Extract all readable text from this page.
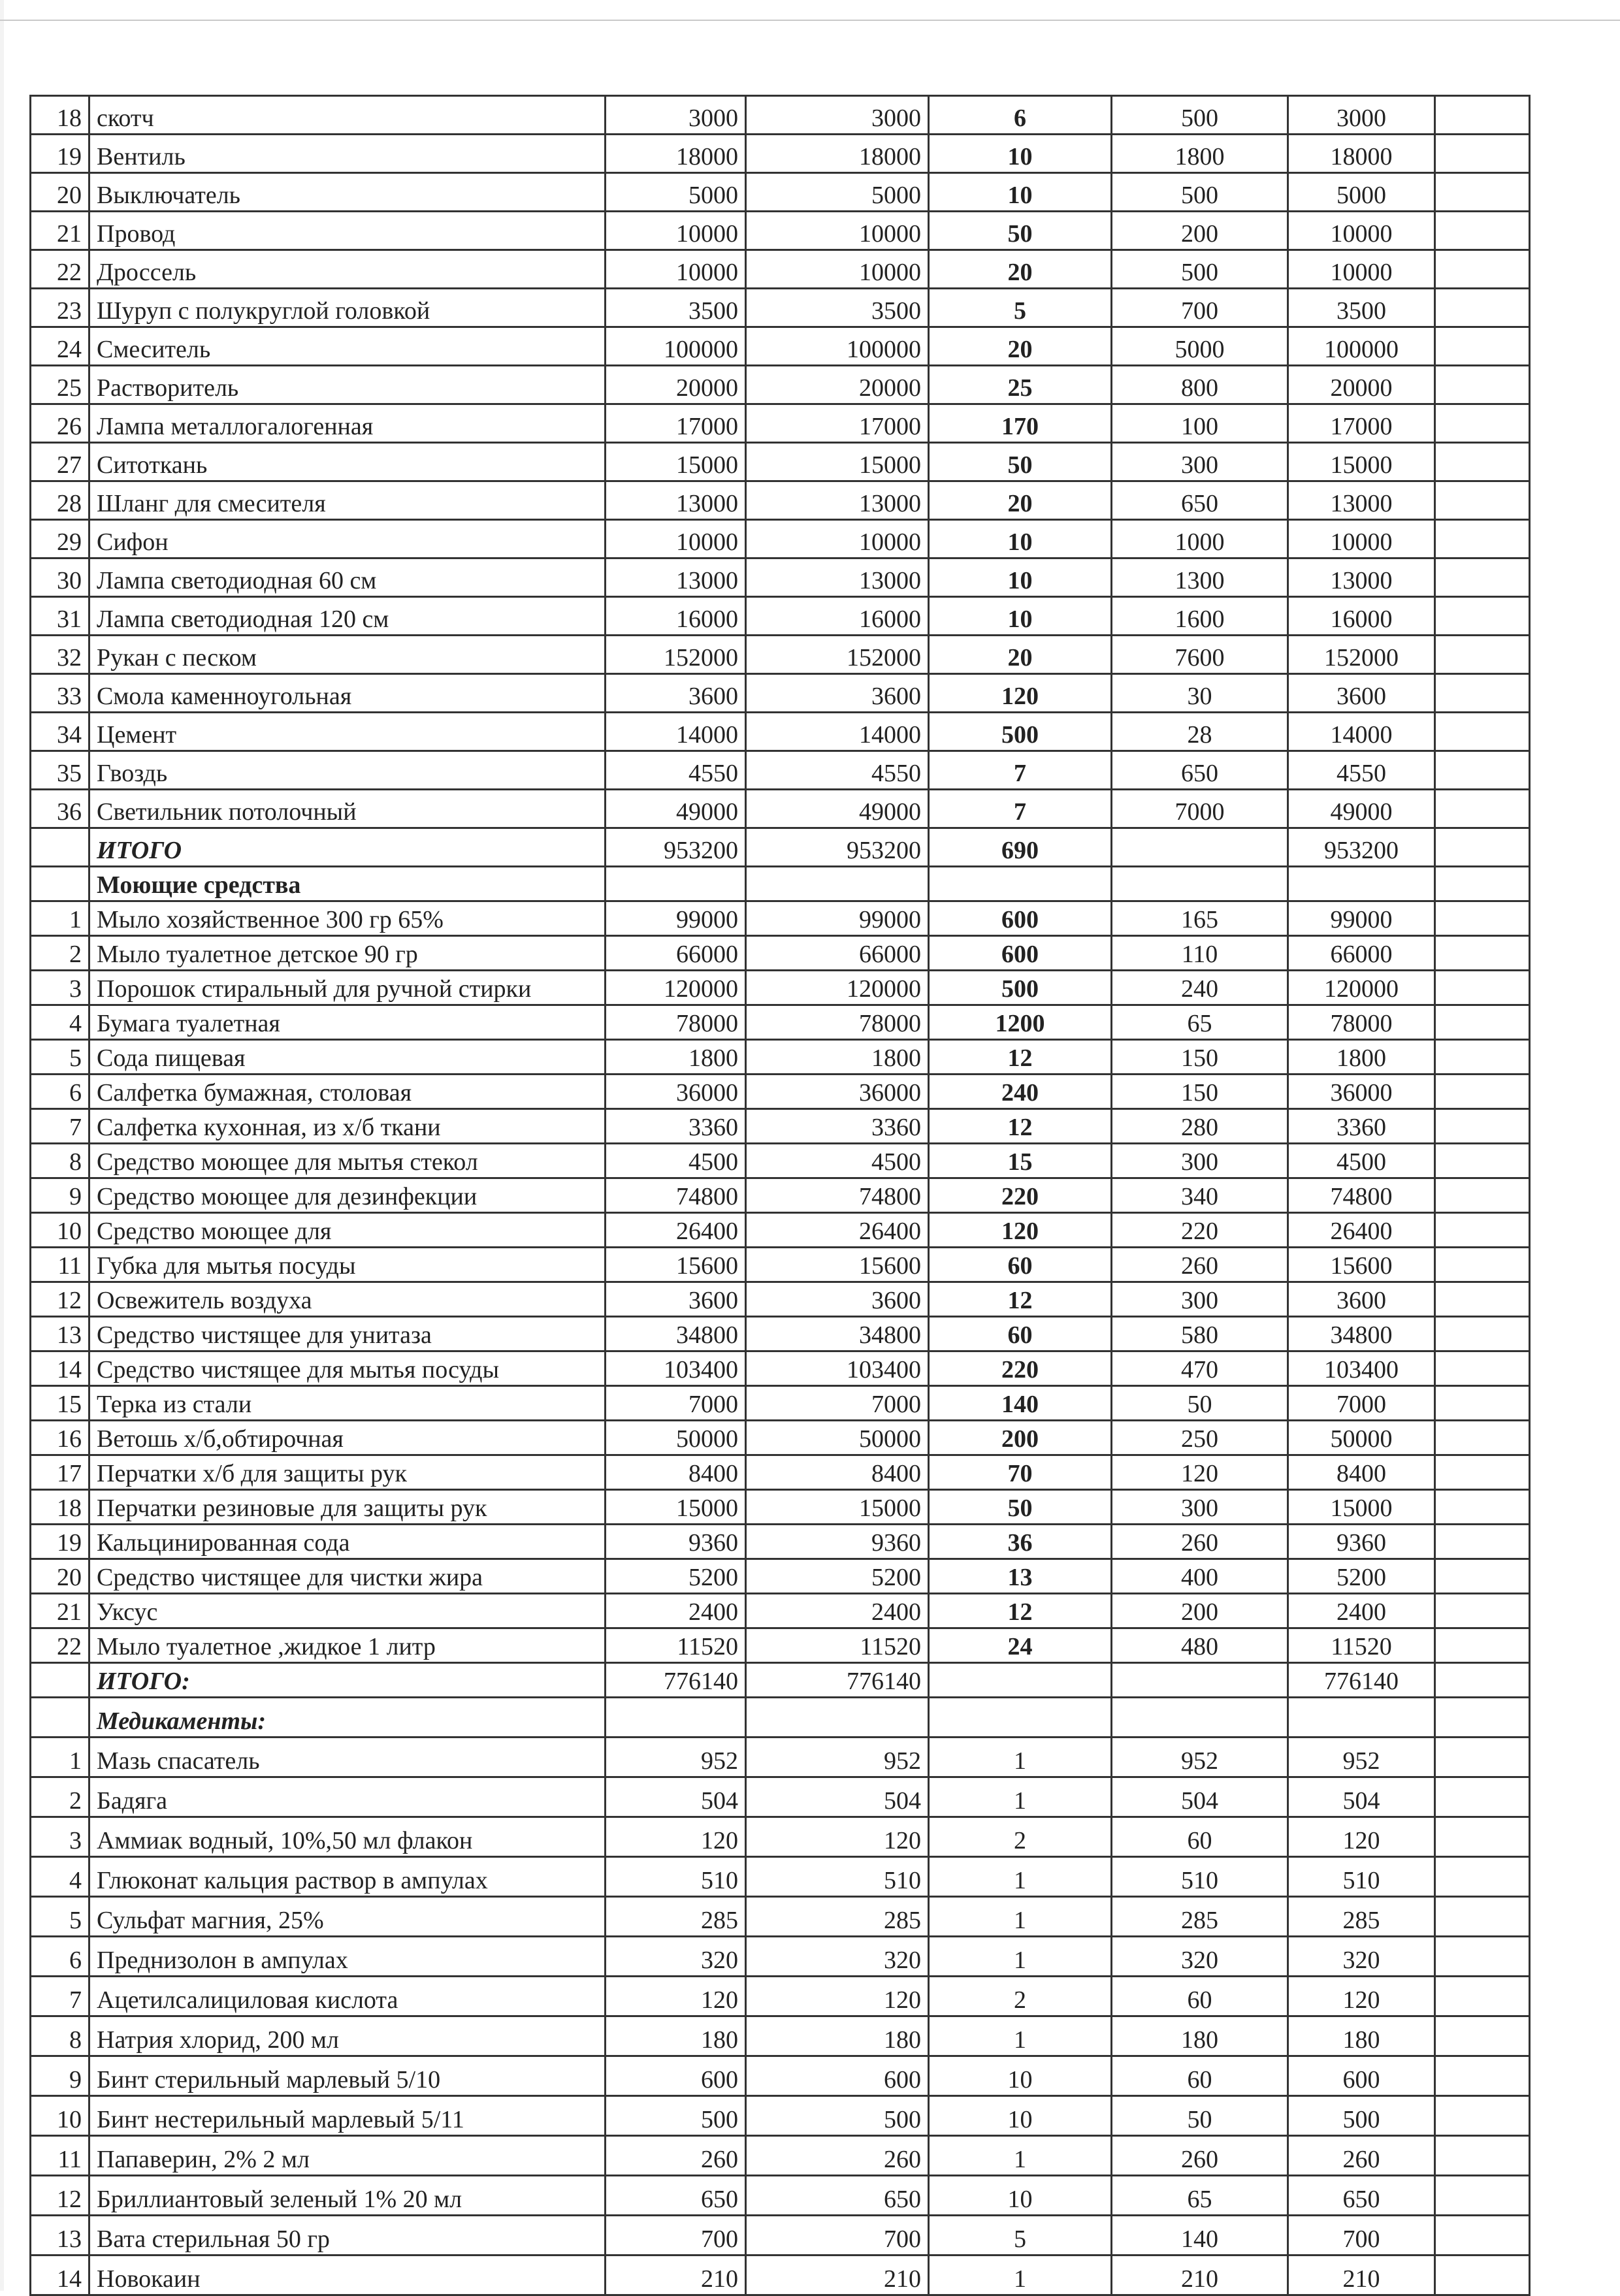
18	скотч	3000	3000	6	500	3000	
19	Вентиль	18000	18000	10	1800	18000	
20	Выключатель	5000	5000	10	500	5000	
21	Провод	10000	10000	50	200	10000	
22	Дроссель	10000	10000	20	500	10000	
23	Шуруп с полукруглой головкой	3500	3500	5	700	3500	
24	Смеситель	100000	100000	20	5000	100000	
25	Растворитель	20000	20000	25	800	20000	
26	Лампа металлогалогенная	17000	17000	170	100	17000	
27	Ситоткань	15000	15000	50	300	15000	
28	Шланг для смесителя	13000	13000	20	650	13000	
29	Сифон	10000	10000	10	1000	10000	
30	Лампа светодиодная 60 см	13000	13000	10	1300	13000	
31	Лампа светодиодная 120 см	16000	16000	10	1600	16000	
32	Рукан с песком	152000	152000	20	7600	152000	
33	Смола каменноугольная	3600	3600	120	30	3600	
34	Цемент	14000	14000	500	28	14000	
35	Гвоздь	4550	4550	7	650	4550	
36	Светильник потолочный	49000	49000	7	7000	49000	
	ИТОГО	953200	953200	690		953200	
	Моющие средства						
1	Мыло хозяйственное 300 гр 65%	99000	99000	600	165	99000	
2	Мыло туалетное детское 90 гр	66000	66000	600	110	66000	
3	Порошок стиральный для ручной стирки	120000	120000	500	240	120000	
4	Бумага туалетная	78000	78000	1200	65	78000	
5	Сода пищевая	1800	1800	12	150	1800	
6	Салфетка бумажная, столовая	36000	36000	240	150	36000	
7	Салфетка кухонная, из х/б ткани	3360	3360	12	280	3360	
8	Средство моющее для мытья стекол	4500	4500	15	300	4500	
9	Средство моющее для дезинфекции	74800	74800	220	340	74800	
10	Средство моющее для	26400	26400	120	220	26400	
11	Губка для мытья посуды	15600	15600	60	260	15600	
12	Освежитель воздуха	3600	3600	12	300	3600	
13	Средство чистящее для унитаза	34800	34800	60	580	34800	
14	Средство чистящее для мытья посуды	103400	103400	220	470	103400	
15	Терка из стали	7000	7000	140	50	7000	
16	Ветошь х/б,обтирочная	50000	50000	200	250	50000	
17	Перчатки х/б для защиты рук	8400	8400	70	120	8400	
18	Перчатки резиновые для защиты рук	15000	15000	50	300	15000	
19	Кальцинированная сода	9360	9360	36	260	9360	
20	Средство чистящее для чистки жира	5200	5200	13	400	5200	
21	Уксус	2400	2400	12	200	2400	
22	Мыло туалетное ,жидкое 1 литр	11520	11520	24	480	11520	
	ИТОГО:	776140	776140			776140	
	Медикаменты:						
1	Мазь спасатель	952	952	1	952	952	
2	Бадяга	504	504	1	504	504	
3	Аммиак водный, 10%,50 мл флакон	120	120	2	60	120	
4	Глюконат кальция раствор в ампулах	510	510	1	510	510	
5	Сульфат магния, 25%	285	285	1	285	285	
6	Преднизолон в ампулах	320	320	1	320	320	
7	Ацетилсалициловая кислота	120	120	2	60	120	
8	Натрия хлорид, 200 мл	180	180	1	180	180	
9	Бинт стерильный марлевый 5/10	600	600	10	60	600	
10	Бинт нестерильный марлевый 5/11	500	500	10	50	500	
11	Папаверин, 2% 2 мл	260	260	1	260	260	
12	Бриллиантовый зеленый 1% 20 мл	650	650	10	65	650	
13	Вата стерильная 50 гр	700	700	5	140	700	
14	Новокаин	210	210	1	210	210	
